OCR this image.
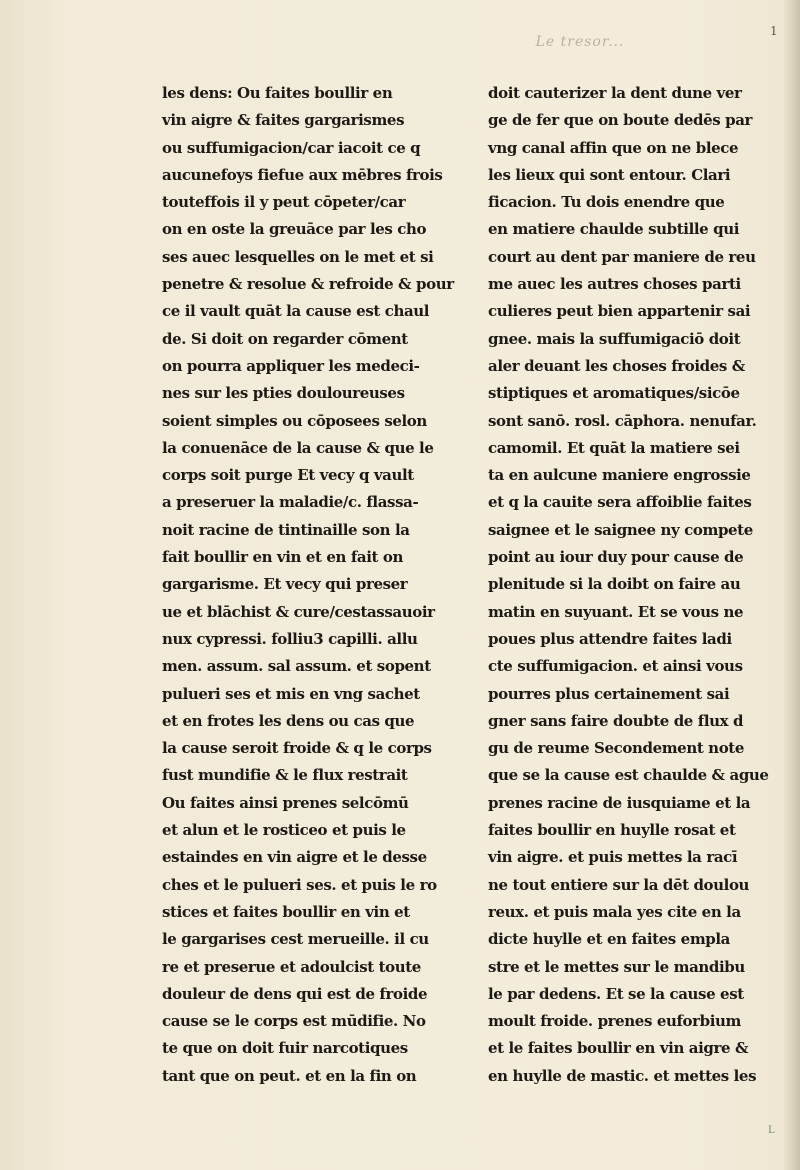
Le tresor...
1
les dens: Ou faites boullir en
vin aigre & faites gargarismes
ou suffumigacion/car iacoit ce q
aucunefoys fiefue aux mēbres frois
touteffois il y peut cōpeter/car
on en oste la greuāce par les cho
ses auec lesquelles on le met et si
penetre & resolue & refroide & pour
ce il vault quāt la cause est chaul
de. Si doit on regarder cōment
on pourra appliquer les medeci-
nes sur les pties douloureuses
soient simples ou cōposees selon
la conuenāce de la cause & que le
corps soit purge Et vecy q vault
a preseruer la maladie/c. flassa-
noit racine de tintinaille son la
fait boullir en vin et en fait on
gargarisme. Et vecy qui preser
ue et blāchist & cure/cestassauoir
nux cypressi. folliu3 capilli. allu
men. assum. sal assum. et sopent
pulueri ses et mis en vng sachet
et en frotes les dens ou cas que
la cause seroit froide & q le corps
fust mundifie & le flux restrait
Ou faites ainsi prenes selcōmū
et alun et le rosticeo et puis le
estaindes en vin aigre et le desse
ches et le pulueri ses. et puis le ro
stices et faites boullir en vin et
le gargarises cest merueille. il cu
re et preserue et adoulcist toute
douleur de dens qui est de froide
cause se le corps est mūdifie. No
te que on doit fuir narcotiques
tant que on peut. et en la fin on
doit cauterizer la dent dune ver
ge de fer que on boute dedēs par
vng canal affin que on ne blece
les lieux qui sont entour. Clari
ficacion. Tu dois enendre que
en matiere chaulde subtille qui
court au dent par maniere de reu
me auec les autres choses parti
culieres peut bien appartenir sai
gnee. mais la suffumigaciō doit
aler deuant les choses froides &
stiptiques et aromatiques/sicōe
sont sanō. rosl. cāphora. nenufar.
camomil. Et quāt la matiere sei
ta en aulcune maniere engrossie
et q la cauite sera affoiblie faites
saignee et le saignee ny compete
point au iour duy pour cause de
plenitude si la doibt on faire au
matin en suyuant. Et se vous ne
poues plus attendre faites ladi
cte suffumigacion. et ainsi vous
pourres plus certainement sai
gner sans faire doubte de flux d
gu de reume Secondement note
que se la cause est chaulde & ague
prenes racine de iusquiame et la
faites boullir en huylle rosat et
vin aigre. et puis mettes la racī
ne tout entiere sur la dēt doulou
reux. et puis mala yes cite en la
dicte huylle et en faites empla
stre et le mettes sur le mandibu
le par dedens. Et se la cause est
moult froide. prenes euforbium
et le faites boullir en vin aigre &
en huylle de mastic. et mettes les
L
